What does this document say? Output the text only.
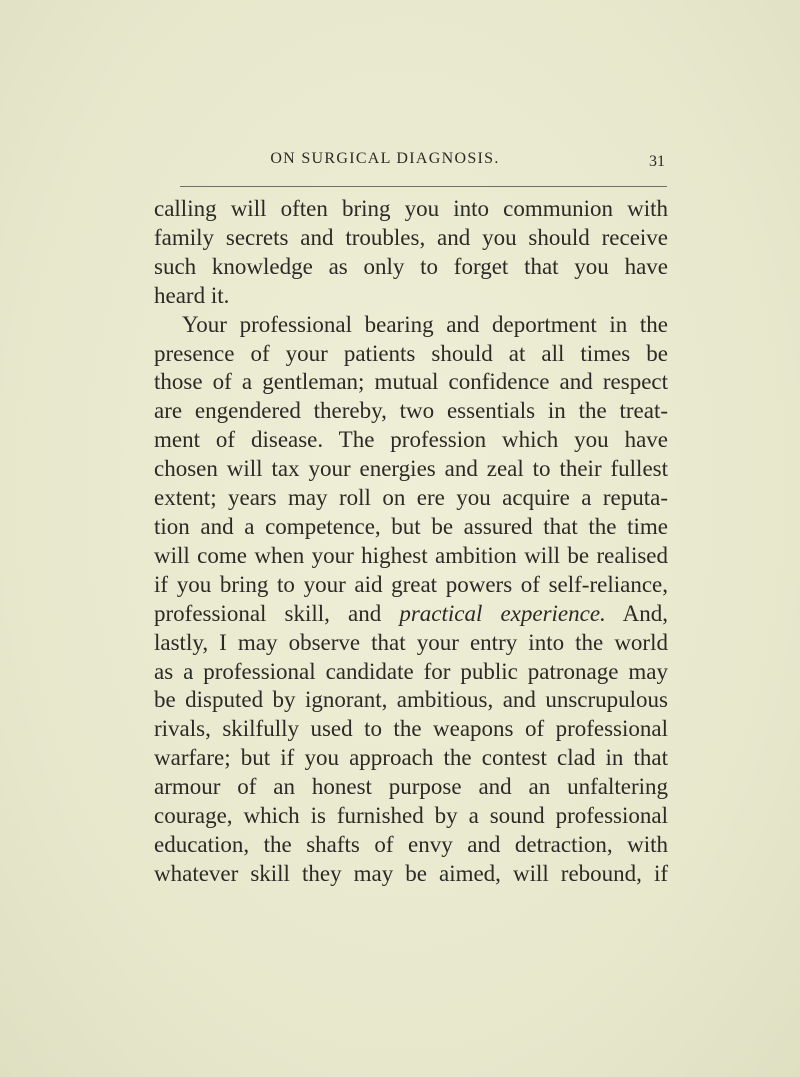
ON SURGICAL DIAGNOSIS.	31
calling will often bring you into communion with
family secrets and troubles, and you should receive
such knowledge as only to forget that you have
heard it.
Your professional bearing and deportment in the
presence of your patients should at all times be
those of a gentleman; mutual confidence and respect
are engendered thereby, two essentials in the treat-
ment of disease. The profession which you have
chosen will tax your energies and zeal to their fullest
extent; years may roll on ere you acquire a reputa-
tion and a competence, but be assured that the time
will come when your highest ambition will be realised
if you bring to your aid great powers of self-reliance,
professional skill, and practical experience. And,
lastly, I may observe that your entry into the world
as a professional candidate for public patronage may
be disputed by ignorant, ambitious, and unscrupulous
rivals, skilfully used to the weapons of professional
warfare; but if you approach the contest clad in that
armour of an honest purpose and an unfaltering
courage, which is furnished by a sound professional
education, the shafts of envy and detraction, with
whatever skill they may be aimed, will rebound, if
